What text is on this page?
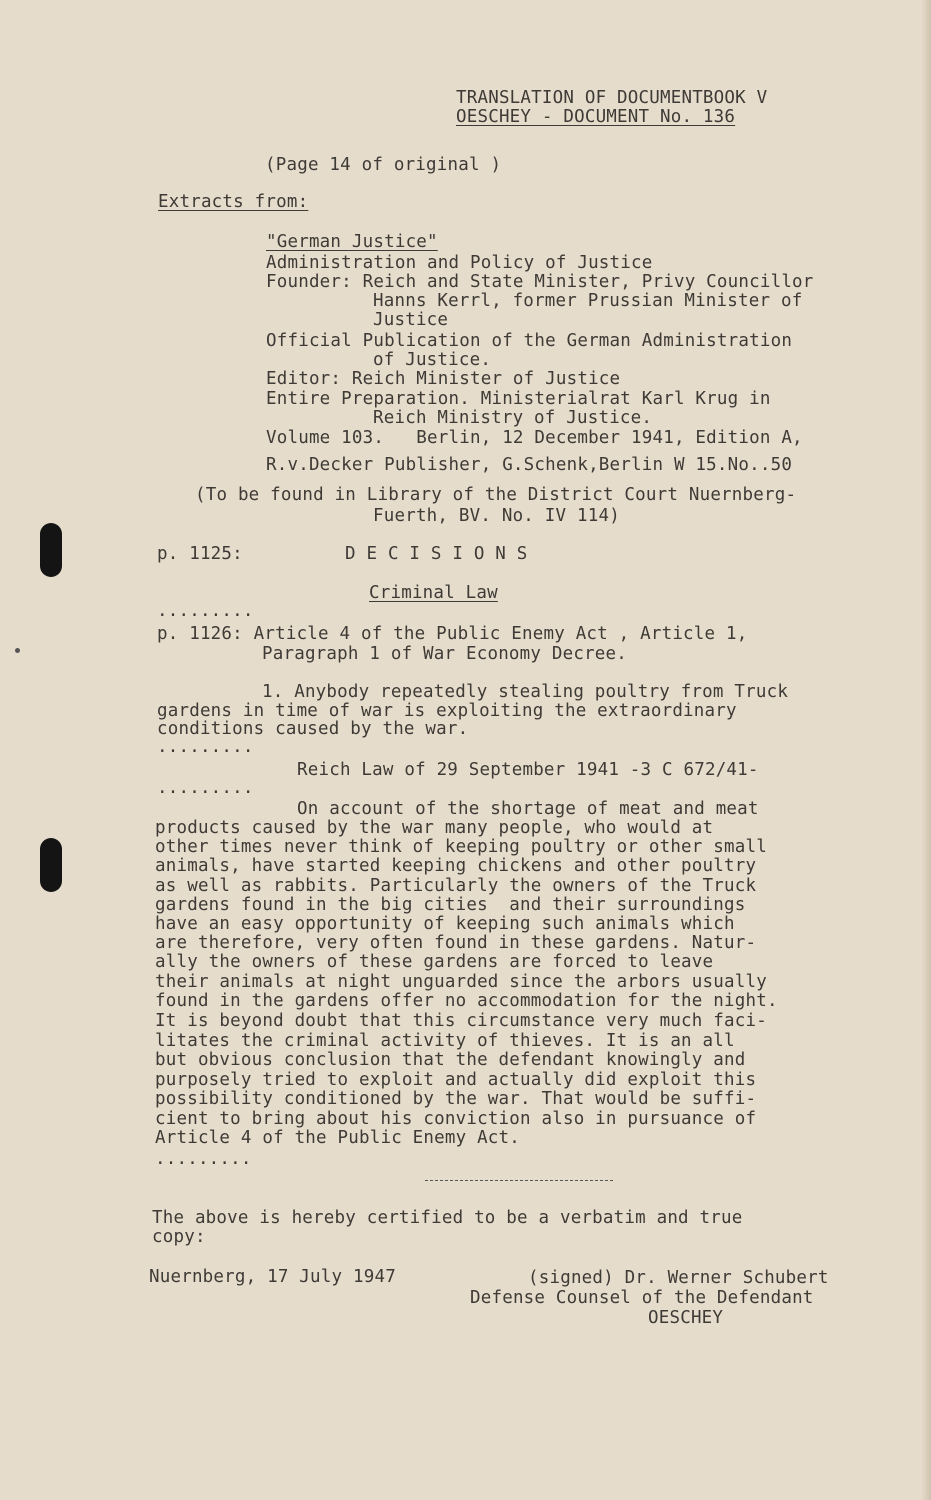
TRANSLATION OF DOCUMENTBOOK V
OESCHEY - DOCUMENT No. 136
(Page 14 of original )
Extracts from:
"German Justice"
Administration and Policy of Justice
Founder: Reich and State Minister, Privy Councillor
Hanns Kerrl, former Prussian Minister of
Justice
Official Publication of the German Administration
of Justice.
Editor: Reich Minister of Justice
Entire Preparation. Ministerialrat Karl Krug in
Reich Ministry of Justice.
Volume 103.   Berlin, 12 December 1941, Edition A,
R.v.Decker Publisher, G.Schenk,Berlin W 15.No..50
(To be found in Library of the District Court Nuernberg-
Fuerth, BV. No. IV 114)
p. 1125:	D E C I S I O N S
Criminal Law
.........
p. 1126: Article 4 of the Public Enemy Act , Article 1,
Paragraph 1 of War Economy Decree.
1. Anybody repeatedly stealing poultry from Truck
gardens in time of war is exploiting the extraordinary
conditions caused by the war.
.........
Reich Law of 29 September 1941 -3 C 672/41-
.........
On account of the shortage of meat and meat
products caused by the war many people, who would at
other times never think of keeping poultry or other small
animals, have started keeping chickens and other poultry
as well as rabbits. Particularly the owners of the Truck
gardens found in the big cities  and their surroundings
have an easy opportunity of keeping such animals which
are therefore, very often found in these gardens. Natur-
ally the owners of these gardens are forced to leave
their animals at night unguarded since the arbors usually
found in the gardens offer no accommodation for the night.
It is beyond doubt that this circumstance very much faci-
litates the criminal activity of thieves. It is an all
but obvious conclusion that the defendant knowingly and
purposely tried to exploit and actually did exploit this
possibility conditioned by the war. That would be suffi-
cient to bring about his conviction also in pursuance of
Article 4 of the Public Enemy Act.
.........
The above is hereby certified to be a verbatim and true
copy:
Nuernberg, 17 July 1947	(signed) Dr. Werner Schubert
Defense Counsel of the Defendant
OESCHEY
